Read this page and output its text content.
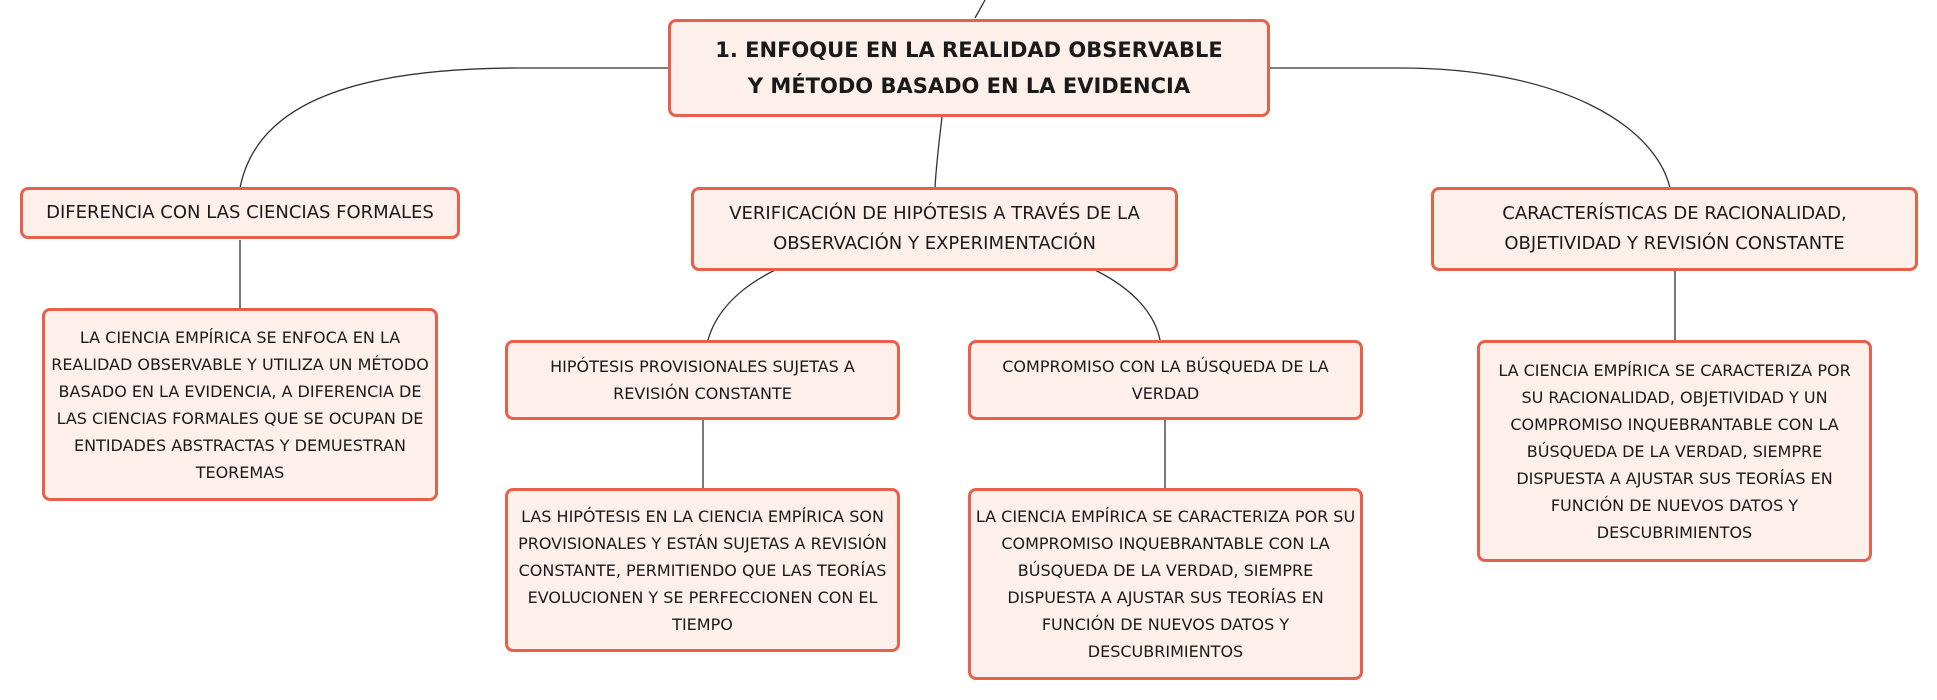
1. ENFOQUE EN LA REALIDAD OBSERVABLE Y MÉTODO BASADO EN LA EVIDENCIA
DIFERENCIA CON LAS CIENCIAS FORMALES
LA CIENCIA EMPÍRICA SE ENFOCA EN LA REALIDAD OBSERVABLE Y UTILIZA UN MÉTODO BASADO EN LA EVIDENCIA, A DIFERENCIA DE LAS CIENCIAS FORMALES QUE SE OCUPAN DE ENTIDADES ABSTRACTAS Y DEMUESTRAN TEOREMAS
VERIFICACIÓN DE HIPÓTESIS A TRAVÉS DE LA OBSERVACIÓN Y EXPERIMENTACIÓN
HIPÓTESIS PROVISIONALES SUJETAS A REVISIÓN CONSTANTE
LAS HIPÓTESIS EN LA CIENCIA EMPÍRICA SON PROVISIONALES Y ESTÁN SUJETAS A REVISIÓN CONSTANTE, PERMITIENDO QUE LAS TEORÍAS EVOLUCIONEN Y SE PERFECCIONEN CON EL TIEMPO
COMPROMISO CON LA BÚSQUEDA DE LA VERDAD
LA CIENCIA EMPÍRICA SE CARACTERIZA POR SU COMPROMISO INQUEBRANTABLE CON LA BÚSQUEDA DE LA VERDAD, SIEMPRE DISPUESTA A AJUSTAR SUS TEORÍAS EN FUNCIÓN DE NUEVOS DATOS Y DESCUBRIMIENTOS
CARACTERÍSTICAS DE RACIONALIDAD, OBJETIVIDAD Y REVISIÓN CONSTANTE
LA CIENCIA EMPÍRICA SE CARACTERIZA POR SU RACIONALIDAD, OBJETIVIDAD Y UN COMPROMISO INQUEBRANTABLE CON LA BÚSQUEDA DE LA VERDAD, SIEMPRE DISPUESTA A AJUSTAR SUS TEORÍAS EN FUNCIÓN DE NUEVOS DATOS Y DESCUBRIMIENTOS
